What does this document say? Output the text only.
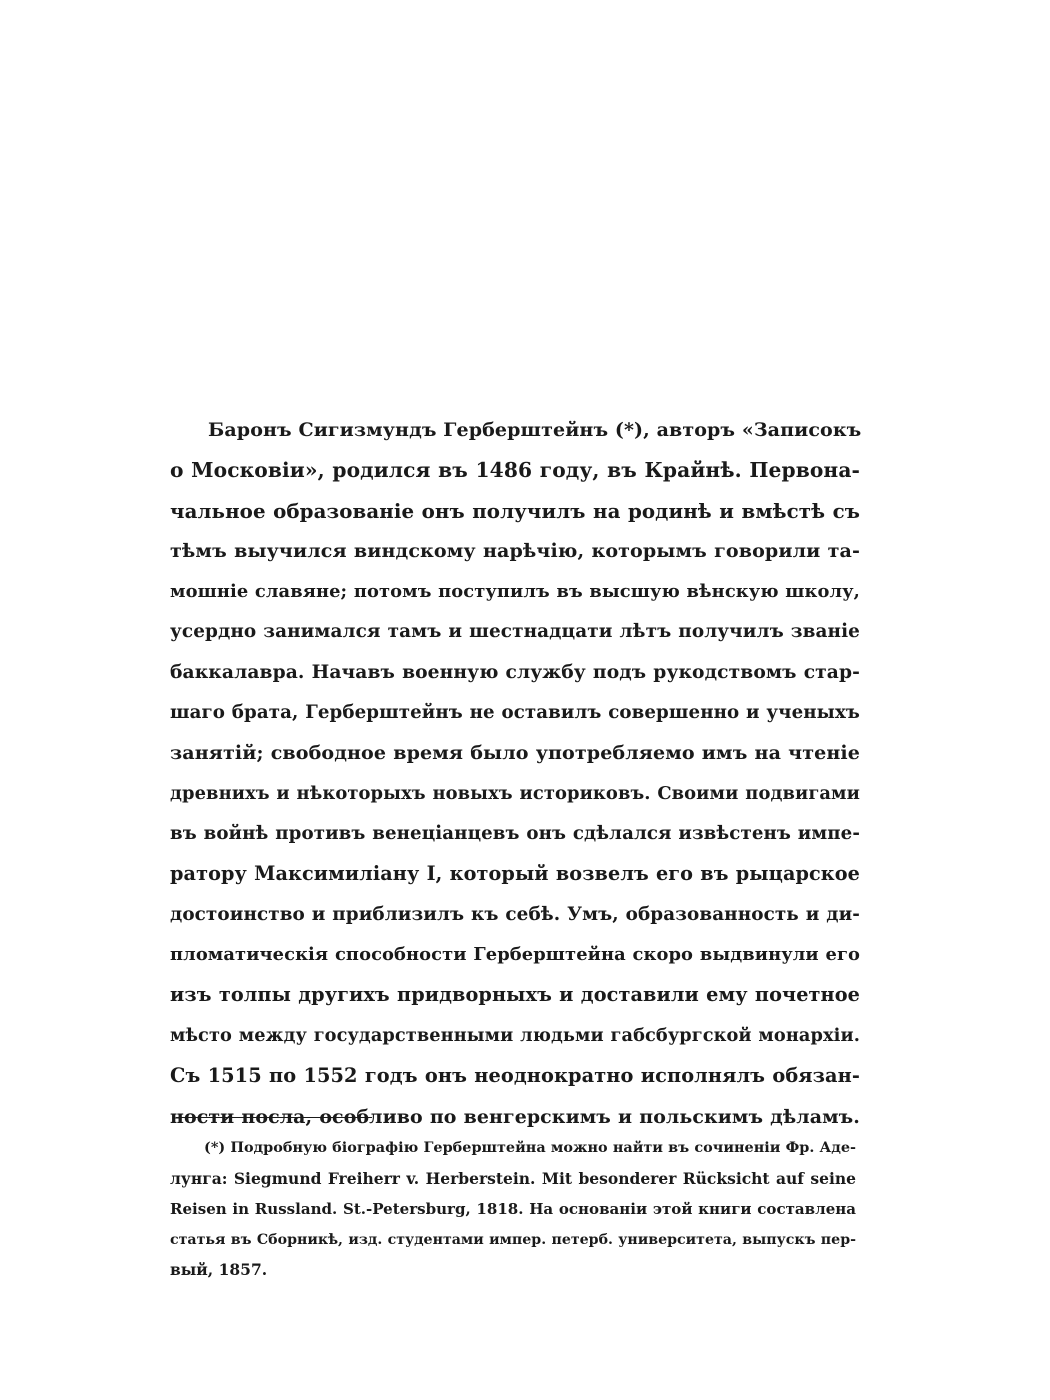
Баронъ Сигизмундъ Герберштейнъ (*), авторъ «Записокъ
о Московіи», родился въ 1486 году, въ Крайнѣ. Первона-
чальное образованіе онъ получилъ на родинѣ и вмѣстѣ съ
тѣмъ выучился виндскому нарѣчію, которымъ говорили та-
мошніе славяне; потомъ поступилъ въ высшую вѣнскую школу,
усердно занимался тамъ и шестнадцати лѣтъ получилъ званіе
баккалавра. Начавъ военную службу подъ рукодствомъ стар-
шаго брата, Герберштейнъ не оставилъ совершенно и ученыхъ
занятій; свободное время было употребляемо имъ на чтеніе
древнихъ и нѣкоторыхъ новыхъ историковъ. Своими подвигами
въ войнѣ противъ венеціанцевъ онъ сдѣлался извѣстенъ импе-
ратору Максимиліану I, который возвелъ его въ рыцарское
достоинство и приблизилъ къ себѣ. Умъ, образованность и ди-
пломатическія способности Герберштейна скоро выдвинули его
изъ толпы другихъ придворныхъ и доставили ему почетное
мѣсто между государственными людьми габсбургской монархіи.
Съ 1515 по 1552 годъ онъ неоднократно исполнялъ обязан-
ности посла, особливо по венгерскимъ и польскимъ дѣламъ.
(*) Подробную біографію Герберштейна можно найти въ сочиненіи Фр. Аде-
лунга: Siegmund Freiherr v. Herberstein. Mit besonderer Rücksicht auf seine
Reisen in Russland. St.-Petersburg, 1818. На основаніи этой книги составлена
статья въ Сборникѣ, изд. студентами импер. петерб. университета, выпускъ пер-
вый, 1857.
